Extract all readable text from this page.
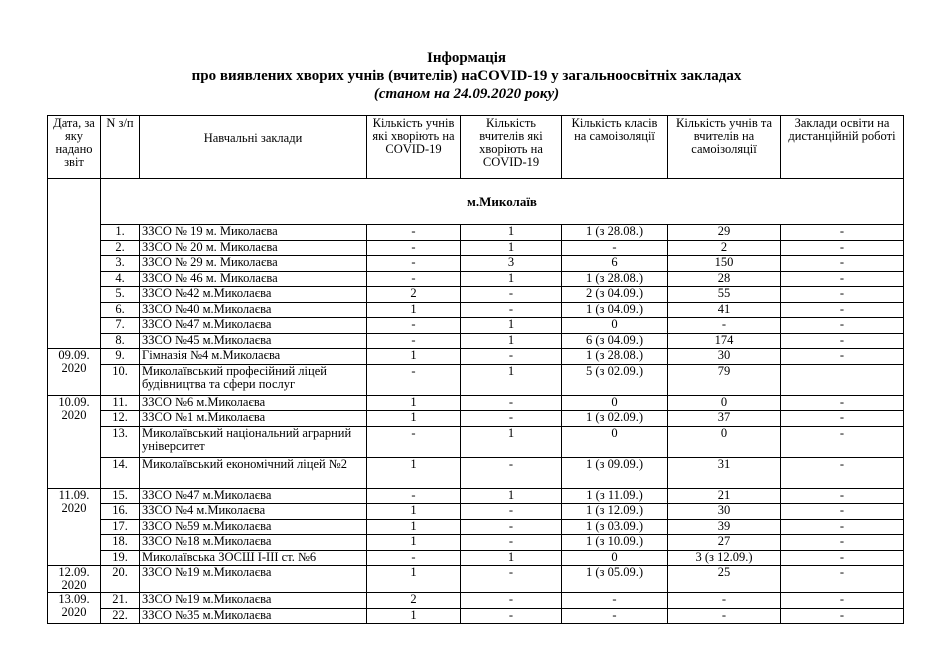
Інформація
про виявлених хворих учнів (вчителів) наCOVID-19 у загальноосвітніх закладах
(станом на 24.09.2020 року)
Дата, за яку надано звіт	N з/п	Навчальні заклади	Кількість учнів які хворіють на COVID-19	Кількість вчителів які хворіють на COVID-19	Кількість класів на самоізоляції	Кількість учнів та вчителів на самоізоляції	Заклади освіти на дистанційній роботі
	м.Миколаїв						
	1.	ЗЗСО № 19 м. Миколаєва	-	1	1 (з 28.08.)	29	-
	2.	ЗЗСО № 20 м. Миколаєва	-	1	-	2	-
	3.	ЗЗСО № 29 м. Миколаєва	-	3	6	150	-
	4.	ЗЗСО № 46 м. Миколаєва	-	1	1 (з 28.08.)	28	-
	5.	ЗЗСО №42 м.Миколаєва	2	-	2 (з 04.09.)	55	-
	6.	ЗЗСО №40 м.Миколаєва	1	-	1 (з 04.09.)	41	-
	7.	ЗЗСО №47 м.Миколаєва	-	1	0	-	-
	8.	ЗЗСО №45 м.Миколаєва	-	1	6 (з 04.09.)	174	-
09.09. 2020	9.	Гімназія №4 м.Миколаєва	1	-	1 (з 28.08.)	30	-
	10.	Миколаївський професійний ліцей будівництва та сфери послуг	-	1	5 (з 02.09.)	79	
10.09. 2020	11.	ЗЗСО №6 м.Миколаєва	1	-	0	0	-
	12.	ЗЗСО №1 м.Миколаєва	1	-	1 (з 02.09.)	37	-
	13.	Миколаївський національний аграрний університет	-	1	0	0	-
	14.	Миколаївський економічний ліцей №2	1	-	1 (з 09.09.)	31	-
11.09. 2020	15.	ЗЗСО №47 м.Миколаєва	-	1	1 (з 11.09.)	21	-
	16.	ЗЗСО №4 м.Миколаєва	1	-	1 (з 12.09.)	30	-
	17.	ЗЗСО №59 м.Миколаєва	1	-	1 (з 03.09.)	39	-
	18.	ЗЗСО №18 м.Миколаєва	1	-	1 (з 10.09.)	27	-
	19.	Миколаївська ЗОСШ І-ІІІ ст. №6	-	1	0	3 (з 12.09.)	-
12.09. 2020	20.	ЗЗСО №19 м.Миколаєва	1	-	1 (з 05.09.)	25	-
13.09. 2020	21.	ЗЗСО №19 м.Миколаєва	2	-	-	-	-
	22.	ЗЗСО №35 м.Миколаєва	1	-	-	-	-
